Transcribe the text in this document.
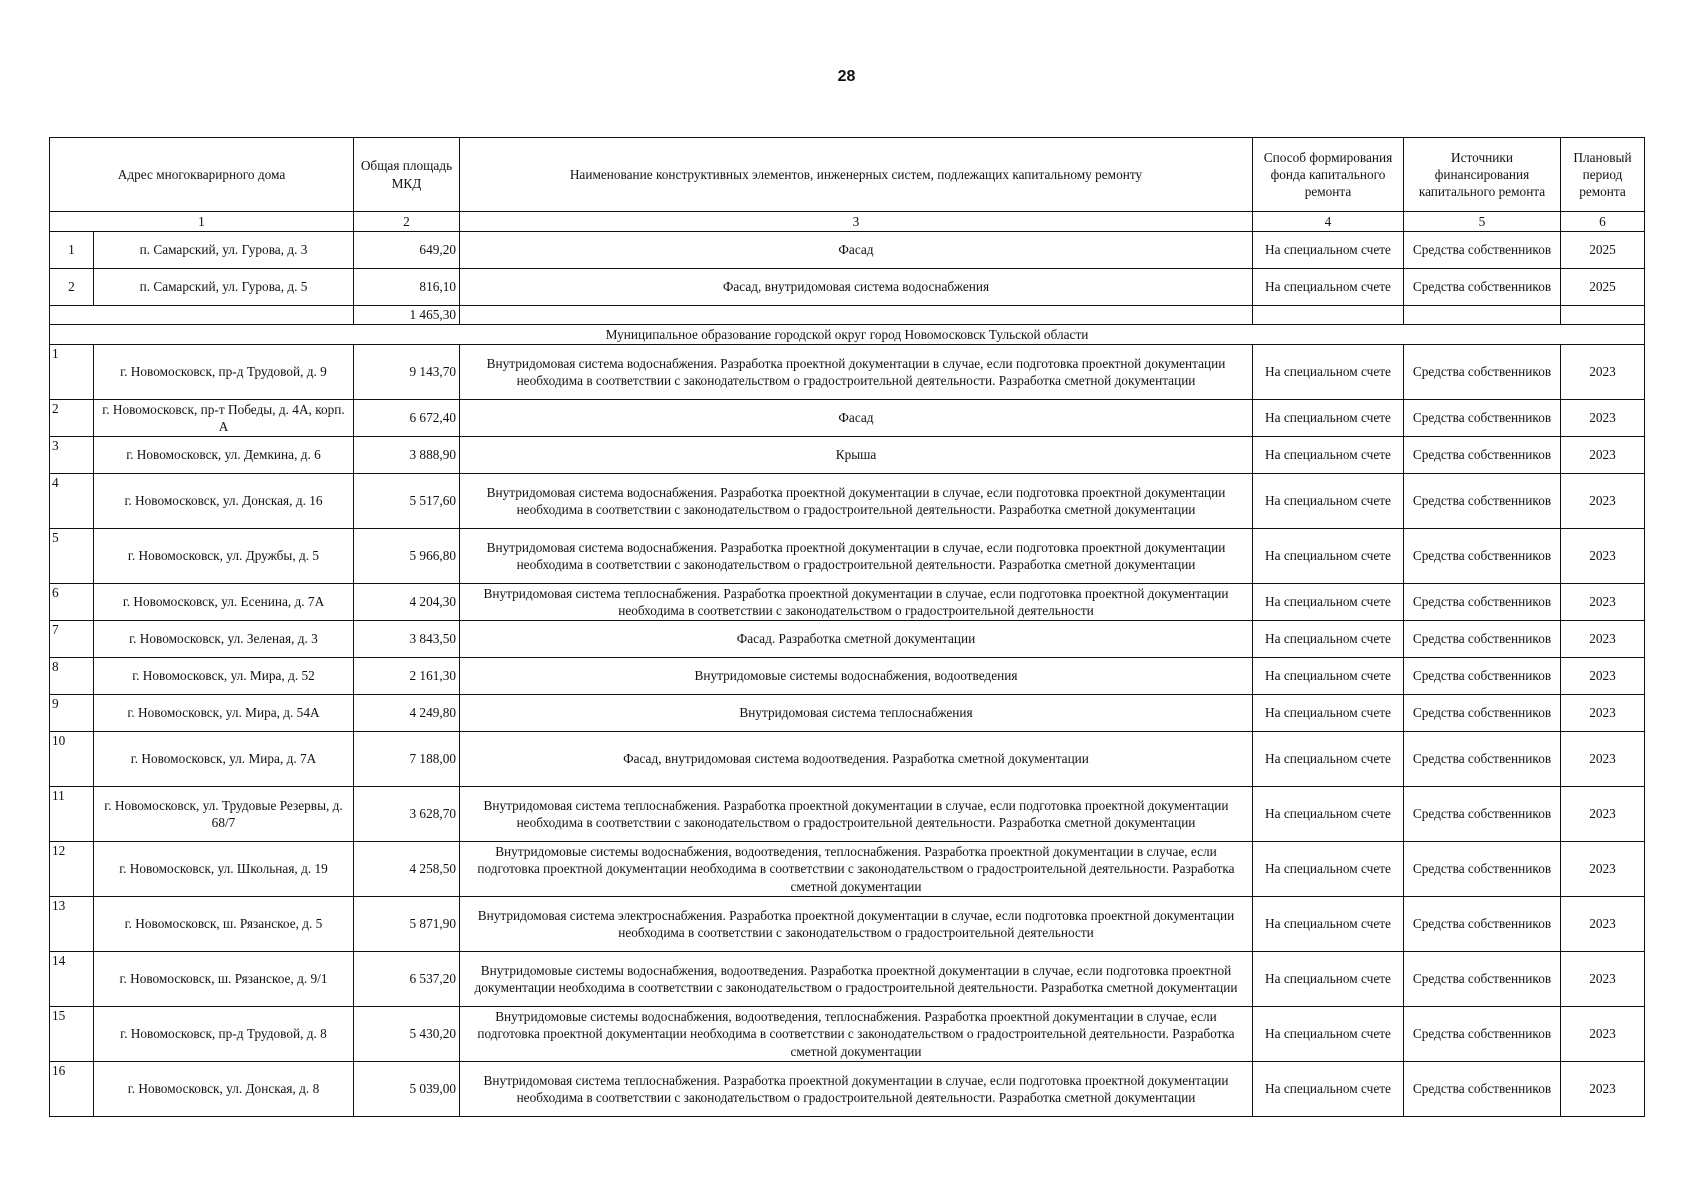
28
Адрес многокварирного дома		Общая площадь МКД	Наименование конструктивных элементов, инженерных систем, подлежащих капитальному ремонту	Способ формирования фонда капитального ремонта	Источники финансирования капитального ремонта	Плановый период ремонта
1		2	3	4	5	6
1	п. Самарский, ул. Гурова, д. 3	649,20	Фасад	На специальном счете	Средства собственников	2025
2	п. Самарский, ул. Гурова, д. 5	816,10	Фасад, внутридомовая система водоснабжения	На специальном счете	Средства собственников	2025
		1 465,30				
Муниципальное образование городской округ город Новомосковск Тульской области						
1	г. Новомосковск, пр-д Трудовой, д. 9	9 143,70	Внутридомовая система водоснабжения. Разработка проектной документации в случае, если подготовка проектной документации необходима в соответствии с законодательством о градостроительной деятельности. Разработка сметной документации	На специальном счете	Средства собственников	2023
2	г. Новомосковск, пр-т Победы, д. 4А, корп. А	6 672,40	Фасад	На специальном счете	Средства собственников	2023
3	г. Новомосковск, ул. Демкина, д. 6	3 888,90	Крыша	На специальном счете	Средства собственников	2023
4	г. Новомосковск, ул. Донская, д. 16	5 517,60	Внутридомовая система водоснабжения. Разработка проектной документации в случае, если подготовка проектной документации необходима в соответствии с законодательством о градостроительной деятельности. Разработка сметной документации	На специальном счете	Средства собственников	2023
5	г. Новомосковск, ул. Дружбы, д. 5	5 966,80	Внутридомовая система водоснабжения. Разработка проектной документации в случае, если подготовка проектной документации необходима в соответствии с законодательством о градостроительной деятельности. Разработка сметной документации	На специальном счете	Средства собственников	2023
6	г. Новомосковск, ул. Есенина, д. 7А	4 204,30	Внутридомовая система теплоснабжения. Разработка проектной документации в случае, если подготовка проектной документации необходима в соответствии с законодательством о градостроительной деятельности	На специальном счете	Средства собственников	2023
7	г. Новомосковск, ул. Зеленая, д. 3	3 843,50	Фасад. Разработка сметной документации	На специальном счете	Средства собственников	2023
8	г. Новомосковск, ул. Мира, д. 52	2 161,30	Внутридомовые системы водоснабжения, водоотведения	На специальном счете	Средства собственников	2023
9	г. Новомосковск, ул. Мира, д. 54А	4 249,80	Внутридомовая система теплоснабжения	На специальном счете	Средства собственников	2023
10	г. Новомосковск, ул. Мира, д. 7А	7 188,00	Фасад, внутридомовая система водоотведения. Разработка сметной документации	На специальном счете	Средства собственников	2023
11	г. Новомосковск, ул. Трудовые Резервы, д. 68/7	3 628,70	Внутридомовая система теплоснабжения. Разработка проектной документации в случае, если подготовка проектной документации необходима в соответствии с законодательством о градостроительной деятельности. Разработка сметной документации	На специальном счете	Средства собственников	2023
12	г. Новомосковск, ул. Школьная, д. 19	4 258,50	Внутридомовые системы водоснабжения, водоотведения, теплоснабжения. Разработка проектной документации в случае, если подготовка проектной документации необходима в соответствии с законодательством о градостроительной деятельности. Разработка сметной документации	На специальном счете	Средства собственников	2023
13	г. Новомосковск, ш. Рязанское, д. 5	5 871,90	Внутридомовая система электроснабжения. Разработка проектной документации в случае, если подготовка проектной документации необходима в соответствии с законодательством о градостроительной деятельности	На специальном счете	Средства собственников	2023
14	г. Новомосковск, ш. Рязанское, д. 9/1	6 537,20	Внутридомовые системы водоснабжения, водоотведения. Разработка проектной документации в случае, если подготовка проектной документации необходима в соответствии с законодательством о градостроительной деятельности. Разработка сметной документации	На специальном счете	Средства собственников	2023
15	г. Новомосковск, пр-д Трудовой, д. 8	5 430,20	Внутридомовые системы водоснабжения, водоотведения, теплоснабжения. Разработка проектной документации в случае, если подготовка проектной документации необходима в соответствии с законодательством о градостроительной деятельности. Разработка сметной документации	На специальном счете	Средства собственников	2023
16	г. Новомосковск, ул. Донская, д. 8	5 039,00	Внутридомовая система теплоснабжения. Разработка проектной документации в случае, если подготовка проектной документации необходима в соответствии с законодательством о градостроительной деятельности. Разработка сметной документации	На специальном счете	Средства собственников	2023
